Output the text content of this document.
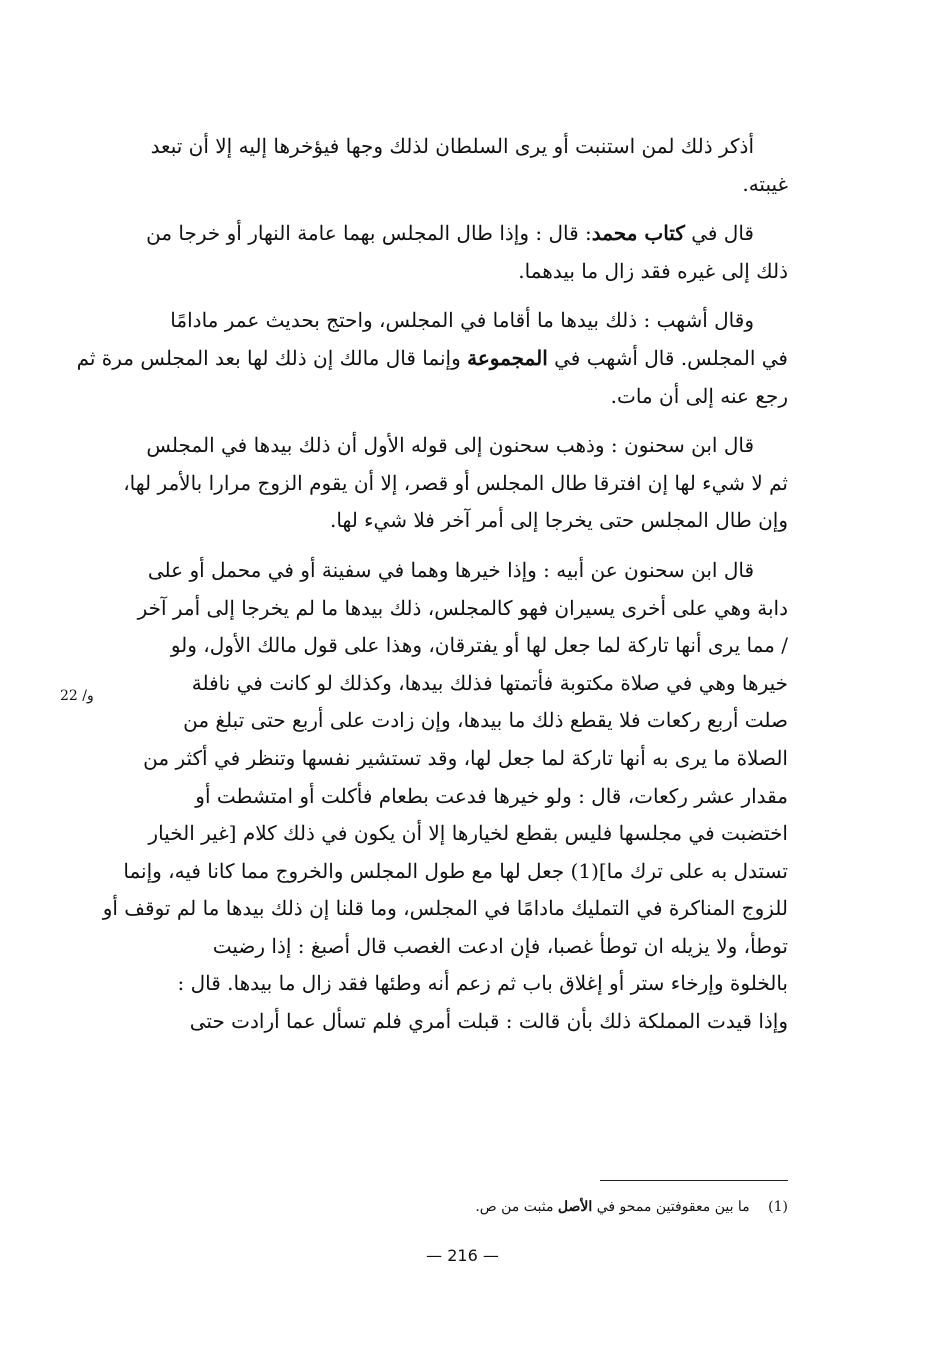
أذكر ذلك لمن استنبت أو يرى السلطان لذلك وجها فيؤخرها إليه إلا أن تبعد
غيبته.

قال في كتاب محمد: قال : وإذا طال المجلس بهما عامة النهار أو خرجا من
ذلك إلى غيره فقد زال ما بيدهما.

وقال أشهب : ذلك بيدها ما أقاما في المجلس، واحتج بحديث عمر مادامًا
في المجلس. قال أشهب في المجموعة وإنما قال مالك إن ذلك لها بعد المجلس مرة ثم
رجع عنه إلى أن مات.

قال ابن سحنون : وذهب سحنون إلى قوله الأول أن ذلك بيدها في المجلس
ثم لا شيء لها إن افترقا طال المجلس أو قصر، إلا أن يقوم الزوج مرارا بالأمر لها،
وإن طال المجلس حتى يخرجا إلى أمر آخر فلا شيء لها.

قال ابن سحنون عن أبيه : وإذا خيرها وهما في سفينة أو في محمل أو على
دابة وهي على أخرى يسيران فهو كالمجلس، ذلك بيدها ما لم يخرجا إلى أمر آخر
/ مما يرى أنها تاركة لما جعل لها أو يفترقان، وهذا على قول مالك الأول، ولو
خيرها وهي في صلاة مكتوبة فأتمتها فذلك بيدها، وكذلك لو كانت في نافلة
صلت أربع ركعات فلا يقطع ذلك ما بيدها، وإن زادت على أربع حتى تبلغ من
الصلاة ما يرى به أنها تاركة لما جعل لها، وقد تستشير نفسها وتنظر في أكثر من
مقدار عشر ركعات، قال : ولو خيرها فدعت بطعام فأكلت أو امتشطت أو
اختضبت في مجلسها فليس بقطع لخيارها إلا أن يكون في ذلك كلام [غير الخيار
تستدل به على ترك ما](1) جعل لها مع طول المجلس والخروج مما كانا فيه، وإنما
للزوج المناكرة في التمليك مادامًا في المجلس، وما قلنا إن ذلك بيدها ما لم توقف أو
توطأ، ولا يزيله ان توطأ غصبا، فإن ادعت الغصب قال أصبغ : إذا رضيت
بالخلوة وإرخاء ستر أو إغلاق باب ثم زعم أنه وطئها فقد زال ما بيدها. قال :
وإذا قيدت المملكة ذلك بأن قالت : قبلت أمري فلم تسأل عما أرادت حتى

22 /و
(1) ما بين معقوفتين ممحو في الأصل مثبت من ص.
— 216 —
